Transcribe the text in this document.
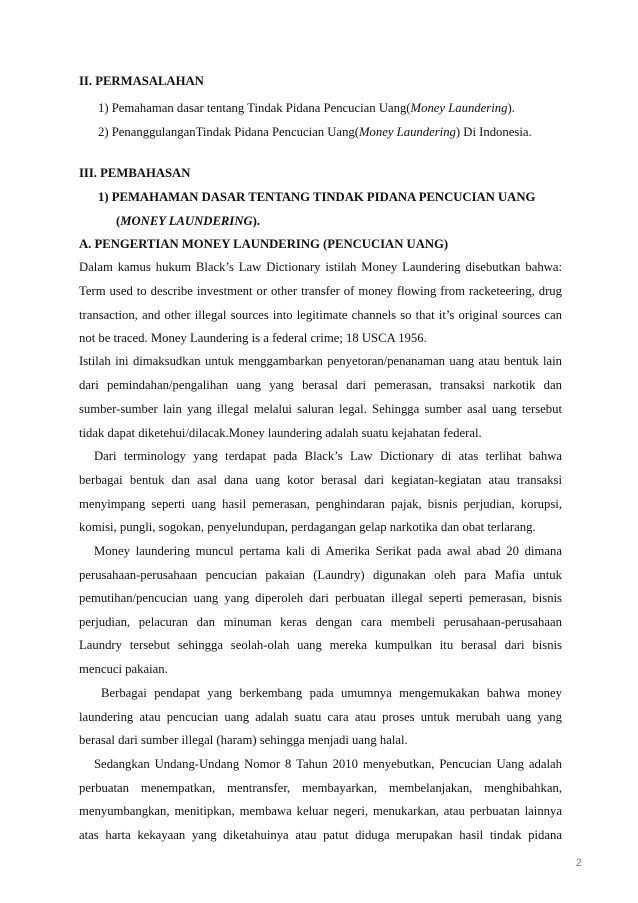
II. PERMASALAHAN
1) Pemahaman dasar tentang Tindak Pidana Pencucian Uang(Money Laundering).
2) PenanggulanganTindak Pidana Pencucian Uang(Money Laundering) Di Indonesia.
III. PEMBAHASAN
1) PEMAHAMAN DASAR TENTANG TINDAK PIDANA PENCUCIAN UANG
(MONEY LAUNDERING).
A. PENGERTIAN MONEY LAUNDERING (PENCUCIAN UANG)
Dalam kamus hukum Black’s Law Dictionary istilah Money Laundering disebutkan bahwa:
Term used to describe investment or other transfer of money flowing from racketeering, drug
transaction, and other illegal sources into legitimate channels so that it’s original sources can
not be traced. Money Laundering is a federal crime; 18 USCA 1956.
Istilah ini dimaksudkan untuk menggambarkan penyetoran/penanaman uang atau bentuk lain
dari pemindahan/pengalihan uang yang berasal dari pemerasan, transaksi narkotik dan
sumber-sumber lain yang illegal melalui saluran legal. Sehingga sumber asal uang tersebut
tidak dapat diketehui/dilacak.Money laundering adalah suatu kejahatan federal.
Dari terminology yang terdapat pada Black’s Law Dictionary di atas terlihat bahwa
berbagai bentuk dan asal dana uang kotor berasal dari kegiatan-kegiatan atau transaksi
menyimpang seperti uang hasil pemerasan, penghindaran pajak, bisnis perjudian, korupsi,
komisi, pungli, sogokan, penyelundupan, perdagangan gelap narkotika dan obat terlarang.
Money laundering muncul pertama kali di Amerika Serikat pada awal abad 20 dimana
perusahaan-perusahaan pencucian pakaian (Laundry) digunakan oleh para Mafia untuk
pemutihan/pencucian uang yang diperoleh dari perbuatan illegal seperti pemerasan, bisnis
perjudian, pelacuran dan minuman keras dengan cara membeli perusahaan-perusahaan
Laundry tersebut sehingga seolah-olah uang mereka kumpulkan itu berasal dari bisnis
mencuci pakaian.
Berbagai pendapat yang berkembang pada umumnya mengemukakan bahwa money
laundering atau pencucian uang adalah suatu cara atau proses untuk merubah uang yang
berasal dari sumber illegal (haram) sehingga menjadi uang halal.
Sedangkan Undang-Undang Nomor 8 Tahun 2010 menyebutkan, Pencucian Uang adalah
perbuatan menempatkan, mentransfer, membayarkan, membelanjakan, menghibahkan,
menyumbangkan, menitipkan, membawa keluar negeri, menukarkan, atau perbuatan lainnya
atas harta kekayaan yang diketahuinya atau patut diduga merupakan hasil tindak pidana
2
